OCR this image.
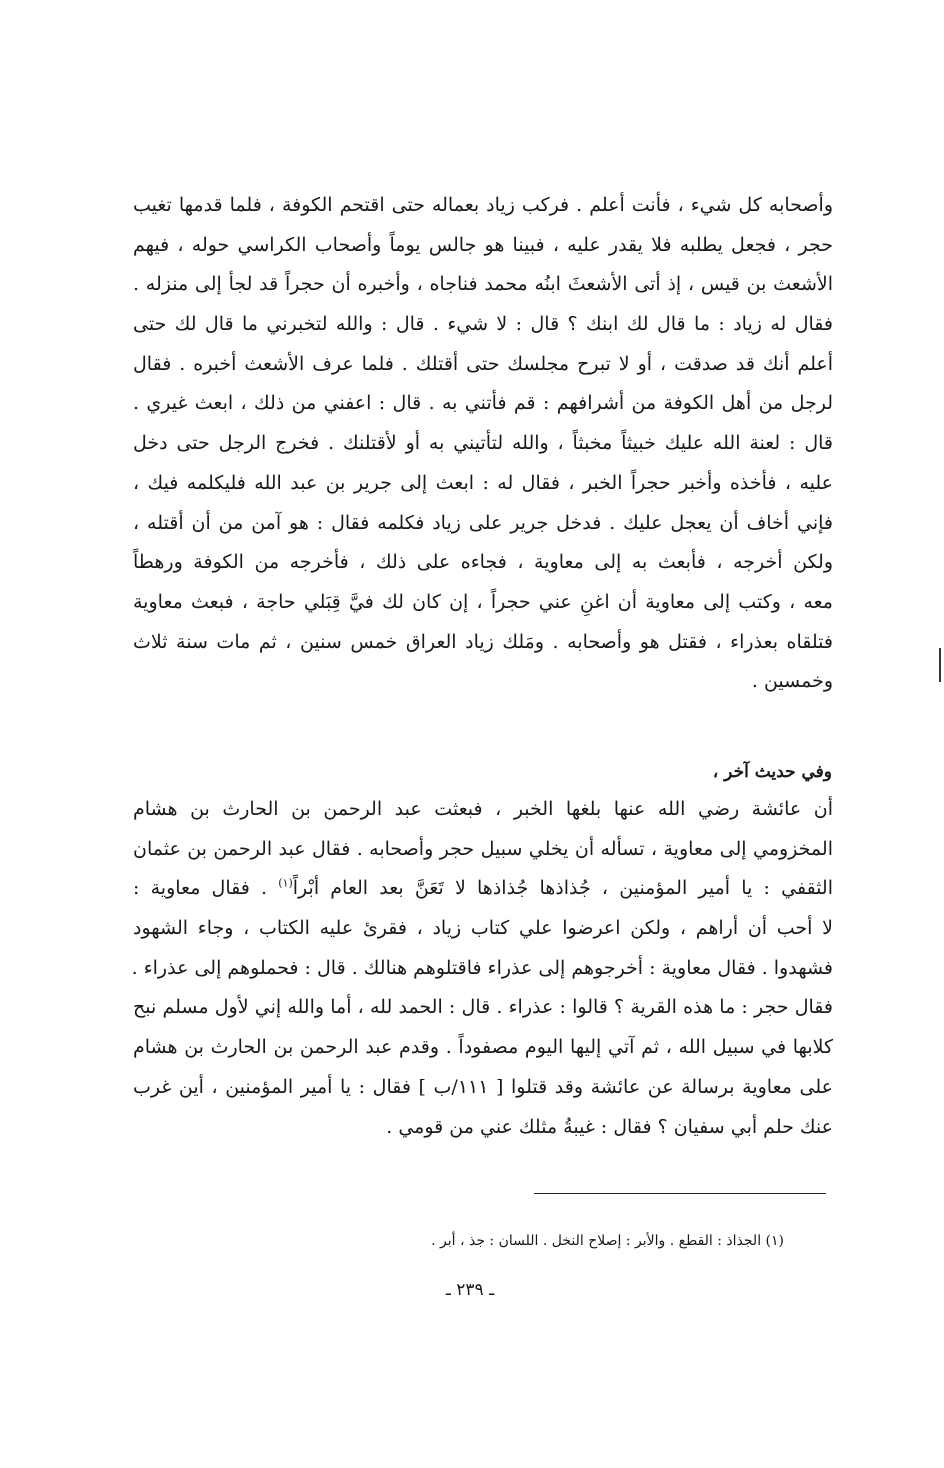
وأصحابه كل شيء ، فأنت أعلم . فركب زياد بعماله حتى اقتحم الكوفة ، فلما قدمها تغيب
حجر ، فجعل يطلبه فلا يقدر عليه ، فبينا هو جالس يوماً وأصحاب الكراسي حوله ، فيهم
الأشعث بن قيس ، إذ أتى الأشعثَ ابنُه محمد فناجاه ، وأخبره أن حجراً قد لجأ إلى منزله .
فقال له زياد : ما قال لك ابنك ؟ قال : لا شيء . قال : والله لتخبرني ما قال لك حتى
أعلم أنك قد صدقت ، أو لا تبرح مجلسك حتى أقتلك . فلما عرف الأشعث أخبره . فقال
لرجل من أهل الكوفة من أشرافهم : قم فأتني به . قال : اعفني من ذلك ، ابعث غيري .
قال : لعنة الله عليك خبيثاً مخبثاً ، والله لتأتيني به أو لأقتلنك . فخرج الرجل حتى دخل
عليه ، فأخذه وأخبر حجراً الخبر ، فقال له : ابعث إلى جرير بن عبد الله فليكلمه فيك ،
فإني أخاف أن يعجل عليك . فدخل جرير على زياد فكلمه فقال : هو آمن من أن أقتله ،
ولكن أخرجه ، فأبعث به إلى معاوية ، فجاءه على ذلك ، فأخرجه من الكوفة ورهطاً
معه ، وكتب إلى معاوية أن اغنِ عني حجراً ، إن كان لك فيَّ قِبَلي حاجة ، فبعث معاوية
فتلقاه بعذراء ، فقتل هو وأصحابه . ومَلك زياد العراق خمس سنين ، ثم مات سنة ثلاث
وخمسين .
وفي حديث آخر ،
أن عائشة رضي الله عنها بلغها الخبر ، فبعثت عبد الرحمن بن الحارث بن هشام
المخزومي إلى معاوية ، تسأله أن يخلي سبيل حجر وأصحابه . فقال عبد الرحمن بن عثمان
الثقفي : يا أمير المؤمنين ، جُذاذها جُذاذها لا تَعَنَّ بعد العام أبْراً$^{(١)}$ . فقال معاوية :
لا أحب أن أراهم ، ولكن اعرضوا علي كتاب زياد ، فقرئ عليه الكتاب ، وجاء الشهود
فشهدوا . فقال معاوية : أخرجوهم إلى عذراء فاقتلوهم هنالك . قال : فحملوهم إلى عذراء .
فقال حجر : ما هذه القرية ؟ قالوا : عذراء . قال : الحمد لله ، أما والله إني لأول مسلم نبح
كلابها في سبيل الله ، ثم آتي إليها اليوم مصفوداً . وقدم عبد الرحمن بن الحارث بن هشام
على معاوية برسالة عن عائشة وقد قتلوا [ ١١١/ب ] فقال : يا أمير المؤمنين ، أين غرب
عنك حلم أبي سفيان ؟ فقال : غيبةُ مثلك عني من قومي .
(١) الجذاذ : القطع . والأبر : إصلاح النخل . اللسان : جذ ، أبر .
ـ ٢٣٩ ـ
